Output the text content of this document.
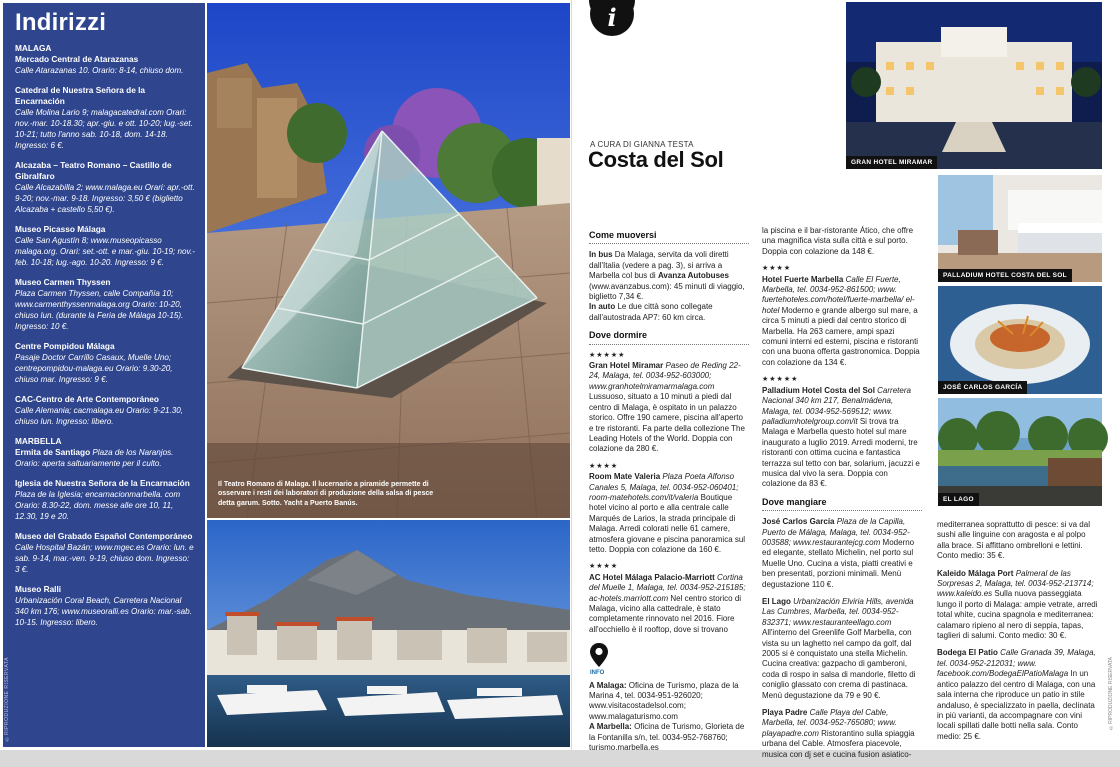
Indirizzi
MALAGA
Mercado Central de Atarazanas
Calle Atarazanas 10. Orario: 8-14, chiuso dom.
Catedral de Nuestra Señora de la Encarnación
Calle Molina Lario 9; malagacatedral.com Orari: nov.-mar. 10-18.30; apr.-giu. e ott. 10-20; lug.-set. 10-21; tutto l'anno sab. 10-18, dom. 14-18. Ingresso: 6 €.
Alcazaba – Teatro Romano – Castillo de Gibralfaro
Calle Alcazabilla 2; www.malaga.eu Orari: apr.-ott. 9-20; nov.-mar. 9-18. Ingresso: 3,50 € (biglietto Alcazaba + castello 5,50 €).
Museo Picasso Málaga
Calle San Agustín 8; www.museopicasso malaga.org. Orari: set.-ott. e mar.-giu. 10-19; nov.-feb. 10-18; lug.-ago. 10-20. Ingresso: 9 €.
Museo Carmen Thyssen
Plaza Carmen Thyssen, calle Compañía 10; www.carmenthyssenmalaga.org Orario: 10-20, chiuso lun. (durante la Feria de Málaga 10-15). Ingresso: 10 €.
Centre Pompidou Málaga
Pasaje Doctor Carrillo Casaux, Muelle Uno; centrepompidou-malaga.eu Orario: 9.30-20, chiuso mar. Ingresso: 9 €.
CAC-Centro de Arte Contemporáneo
Calle Alemania; cacmalaga.eu Orario: 9-21.30, chiuso lun. Ingresso: libero.
MARBELLA
Ermita de Santiago Plaza de los Naranjos. Orario: aperta saltuariamente per il culto.
Iglesia de Nuestra Señora de la Encarnación
Plaza de la Iglesia; encarnacionmarbella. com Orario: 8.30-22, dom. messe alle ore 10, 11, 12.30, 19 e 20.
Museo del Grabado Español Contemporáneo
Calle Hospital Bazán; www.mgec.es Orario: lun. e sab. 9-14, mar.-ven. 9-19, chiuso dom. Ingresso: 3 €.
Museo Ralli
Urbanización Coral Beach, Carretera Nacional 340 km 176; www.museoralli.es Orario: mar.-sab. 10-15. Ingresso: libero.
©RIPRODUZIONE RISERVATA
Il Teatro Romano di Malaga. Il lucernario a piramide permette di osservare i resti dei laboratori di produzione della salsa di pesce detta garum. Sotto. Yacht a Puerto Banús.
i
A CURA DI GIANNA TESTA
Costa del Sol
Come muoversi
In bus Da Malaga, servita da voli diretti dall'Italia (vedere a pag. 3), si arriva a Marbella col bus di Avanza Autobuses (www.avanzabus.com): 45 minuti di viaggio, biglietto 7,34 €.
In auto Le due città sono collegate dall'autostrada AP7: 60 km circa.
Dove dormire
★★★★★
Gran Hotel Miramar Paseo de Reding 22-24, Malaga, tel. 0034-952-603000; www.granhotelmiramarmalaga.com Lussuoso, situato a 10 minuti a piedi dal centro di Malaga, è ospitato in un palazzo storico. Offre 190 camere, piscina all'aperto e tre ristoranti. Fa parte della collezione The Leading Hotels of the World. Doppia con colazione da 280 €.
★★★★
Room Mate Valeria Plaza Poeta Alfonso Canales 5, Malaga, tel. 0034-952-060401; room-matehotels.com/it/valeria Boutique hotel vicino al porto e alla centrale calle Marqués de Larios, la strada principale di Malaga. Arredi colorati nelle 61 camere, atmosfera giovane e piscina panoramica sul tetto. Doppia con colazione da 160 €.
★★★★
AC Hotel Málaga Palacio-Marriott Cortina del Muelle 1, Malaga, tel. 0034-952-215185; ac-hotels.marriott.com Nel centro storico di Malaga, vicino alla cattedrale, è stato completamente rinnovato nel 2016. Fiore all'occhiello è il rooftop, dove si trovano
INFO
A Malaga: Oficina de Turismo, plaza de la Marina 4, tel. 0034-951-926020; www.visitacostadelsol.com; www.malagaturismo.com
A Marbella: Oficina de Turismo, Glorieta de la Fontanilla s/n, tel. 0034-952-768760; turismo.marbella.es
la piscina e il bar-ristorante Ático, che offre una magnifica vista sulla città e sul porto. Doppia con colazione da 148 €.
★★★★
Hotel Fuerte Marbella Calle El Fuerte, Marbella, tel. 0034-952-861500; www. fuertehoteles.com/hotel/fuerte-marbella/ el-hotel Moderno e grande albergo sul mare, a circa 5 minuti a piedi dal centro storico di Marbella. Ha 263 camere, ampi spazi comuni interni ed esterni, piscina e ristoranti con una buona offerta gastronomica. Doppia con colazione da 134 €.
★★★★★
Palladium Hotel Costa del Sol Carretera Nacional 340 km 217, Benalmádena, Malaga, tel. 0034-952-569512; www. palladiumhotelgroup.com/it Si trova tra Malaga e Marbella questo hotel sul mare inaugurato a luglio 2019. Arredi moderni, tre ristoranti con ottima cucina e fantastica terrazza sul tetto con bar, solarium, jacuzzi e musica dal vivo la sera. Doppia con colazione da 83 €.
Dove mangiare
José Carlos García Plaza de la Capilla, Puerto de Málaga, Malaga, tel. 0034-952-003588; www.restaurantejcg.com Moderno ed elegante, stellato Michelin, nel porto sul Muelle Uno. Cucina a vista, piatti creativi e ben presentati, porzioni minimali. Menù degustazione 110 €.
El Lago Urbanización Elviria Hills, avenida Las Cumbres, Marbella, tel. 0034-952-832371; www.restauranteellago.com All'interno del Greenlife Golf Marbella, con vista su un laghetto nel campo da golf, dal 2005 si è conquistato una stella Michelin. Cucina creativa: gazpacho di gamberoni, coda di rospo in salsa di mandorle, filetto di coniglio glassato con crema di pastinaca. Menù degustazione da 79 e 90 €.
Playa Padre Calle Playa del Cable, Marbella, tel. 0034-952-765080; www. playapadre.com Ristorantino sulla spiaggia urbana del Cable. Atmosfera piacevole, musica con dj set e cucina fusion asiatico-
mediterranea soprattutto di pesce: si va dal sushi alle linguine con aragosta e al polpo alla brace. Si affittano ombrelloni e lettini. Conto medio: 35 €.
Kaleido Málaga Port Palmeral de las Sorpresas 2, Malaga, tel. 0034-952-213714; www.kaleido.es Sulla nuova passeggiata lungo il porto di Malaga: ampie vetrate, arredi total white, cucina spagnola e mediterranea: calamaro ripieno al nero di seppia, tapas, taglieri di salumi. Conto medio: 30 €.
Bodega El Patio Calle Granada 39, Malaga, tel. 0034-952-212031; www. facebook.com/BodegaElPatioMalaga In un antico palazzo del centro di Malaga, con una sala interna che riproduce un patio in stile andaluso, è specializzato in paella, declinata in più varianti, da accompagnare con vini locali spillati dalle botti nella sala. Conto medio: 25 €.
GRAN HOTEL MIRAMAR
PALLADIUM HOTEL COSTA DEL SOL
JOSÉ CARLOS GARCÍA
EL LAGO
©RIPRODUZIONE RISERVATA
